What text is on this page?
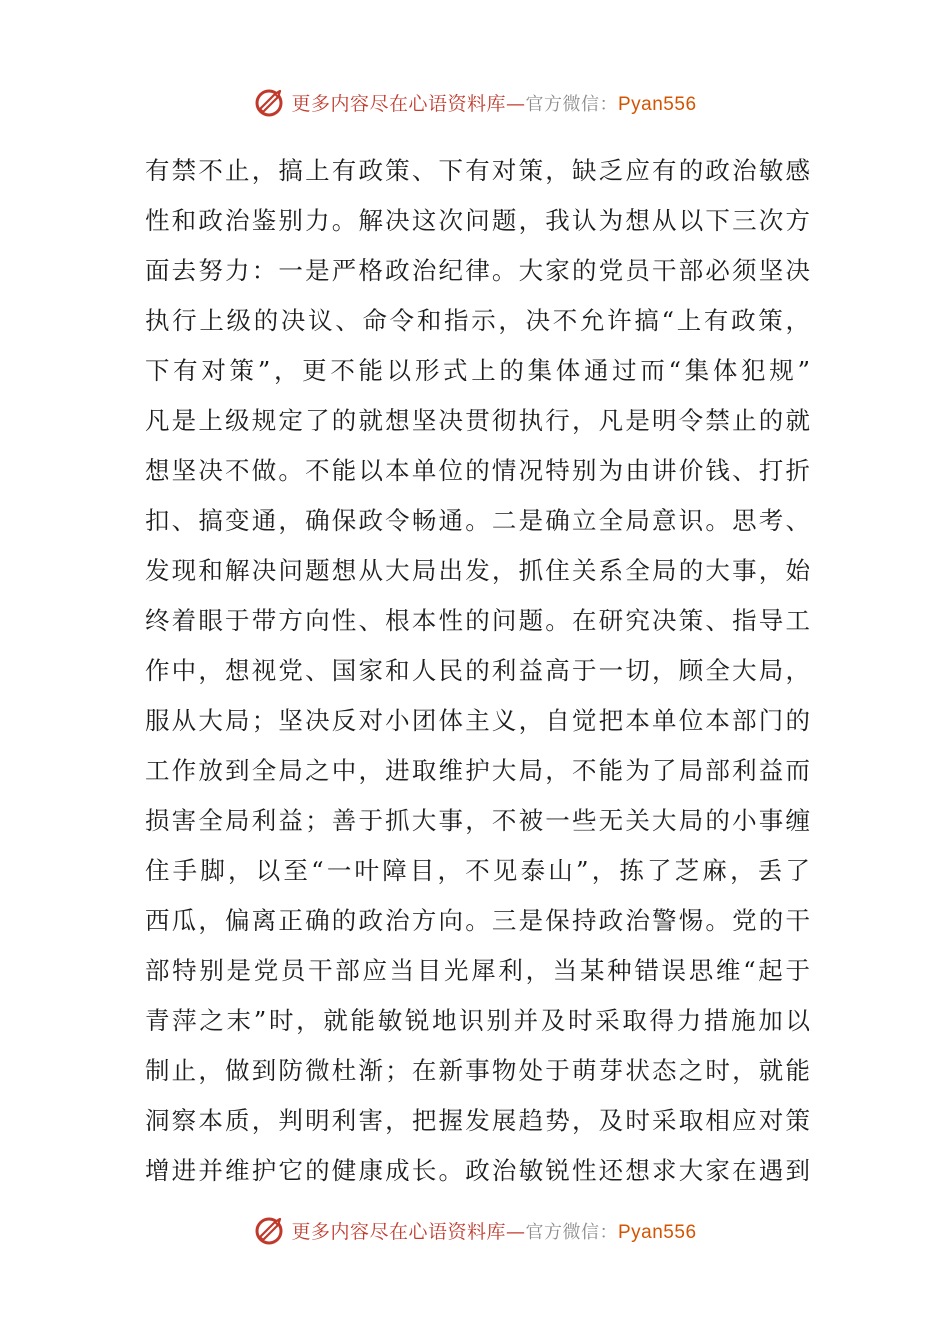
更多内容尽在心语资料库—官方微信：Pyan556
有禁不止，搞上有政策、下有对策，缺乏应有的政治敏感
性和政治鉴别力。解决这次问题，我认为想从以下三次方
面去努力：一是严格政治纪律。大家的党员干部必须坚决
执行上级的决议、命令和指示，决不允许搞“上有政策，
下有对策”，更不能以形式上的集体通过而“集体犯规”
凡是上级规定了的就想坚决贯彻执行，凡是明令禁止的就
想坚决不做。不能以本单位的情况特别为由讲价钱、打折
扣、搞变通，确保政令畅通。二是确立全局意识。思考、
发现和解决问题想从大局出发，抓住关系全局的大事，始
终着眼于带方向性、根本性的问题。在研究决策、指导工
作中，想视党、国家和人民的利益高于一切，顾全大局，
服从大局；坚决反对小团体主义，自觉把本单位本部门的
工作放到全局之中，进取维护大局，不能为了局部利益而
损害全局利益；善于抓大事，不被一些无关大局的小事缠
住手脚，以至“一叶障目，不见泰山”，拣了芝麻，丢了
西瓜，偏离正确的政治方向。三是保持政治警惕。党的干
部特别是党员干部应当目光犀利，当某种错误思维“起于
青萍之末”时，就能敏锐地识别并及时采取得力措施加以
制止，做到防微杜渐；在新事物处于萌芽状态之时，就能
洞察本质，判明利害，把握发展趋势，及时采取相应对策
增进并维护它的健康成长。政治敏锐性还想求大家在遇到
更多内容尽在心语资料库—官方微信：Pyan556
